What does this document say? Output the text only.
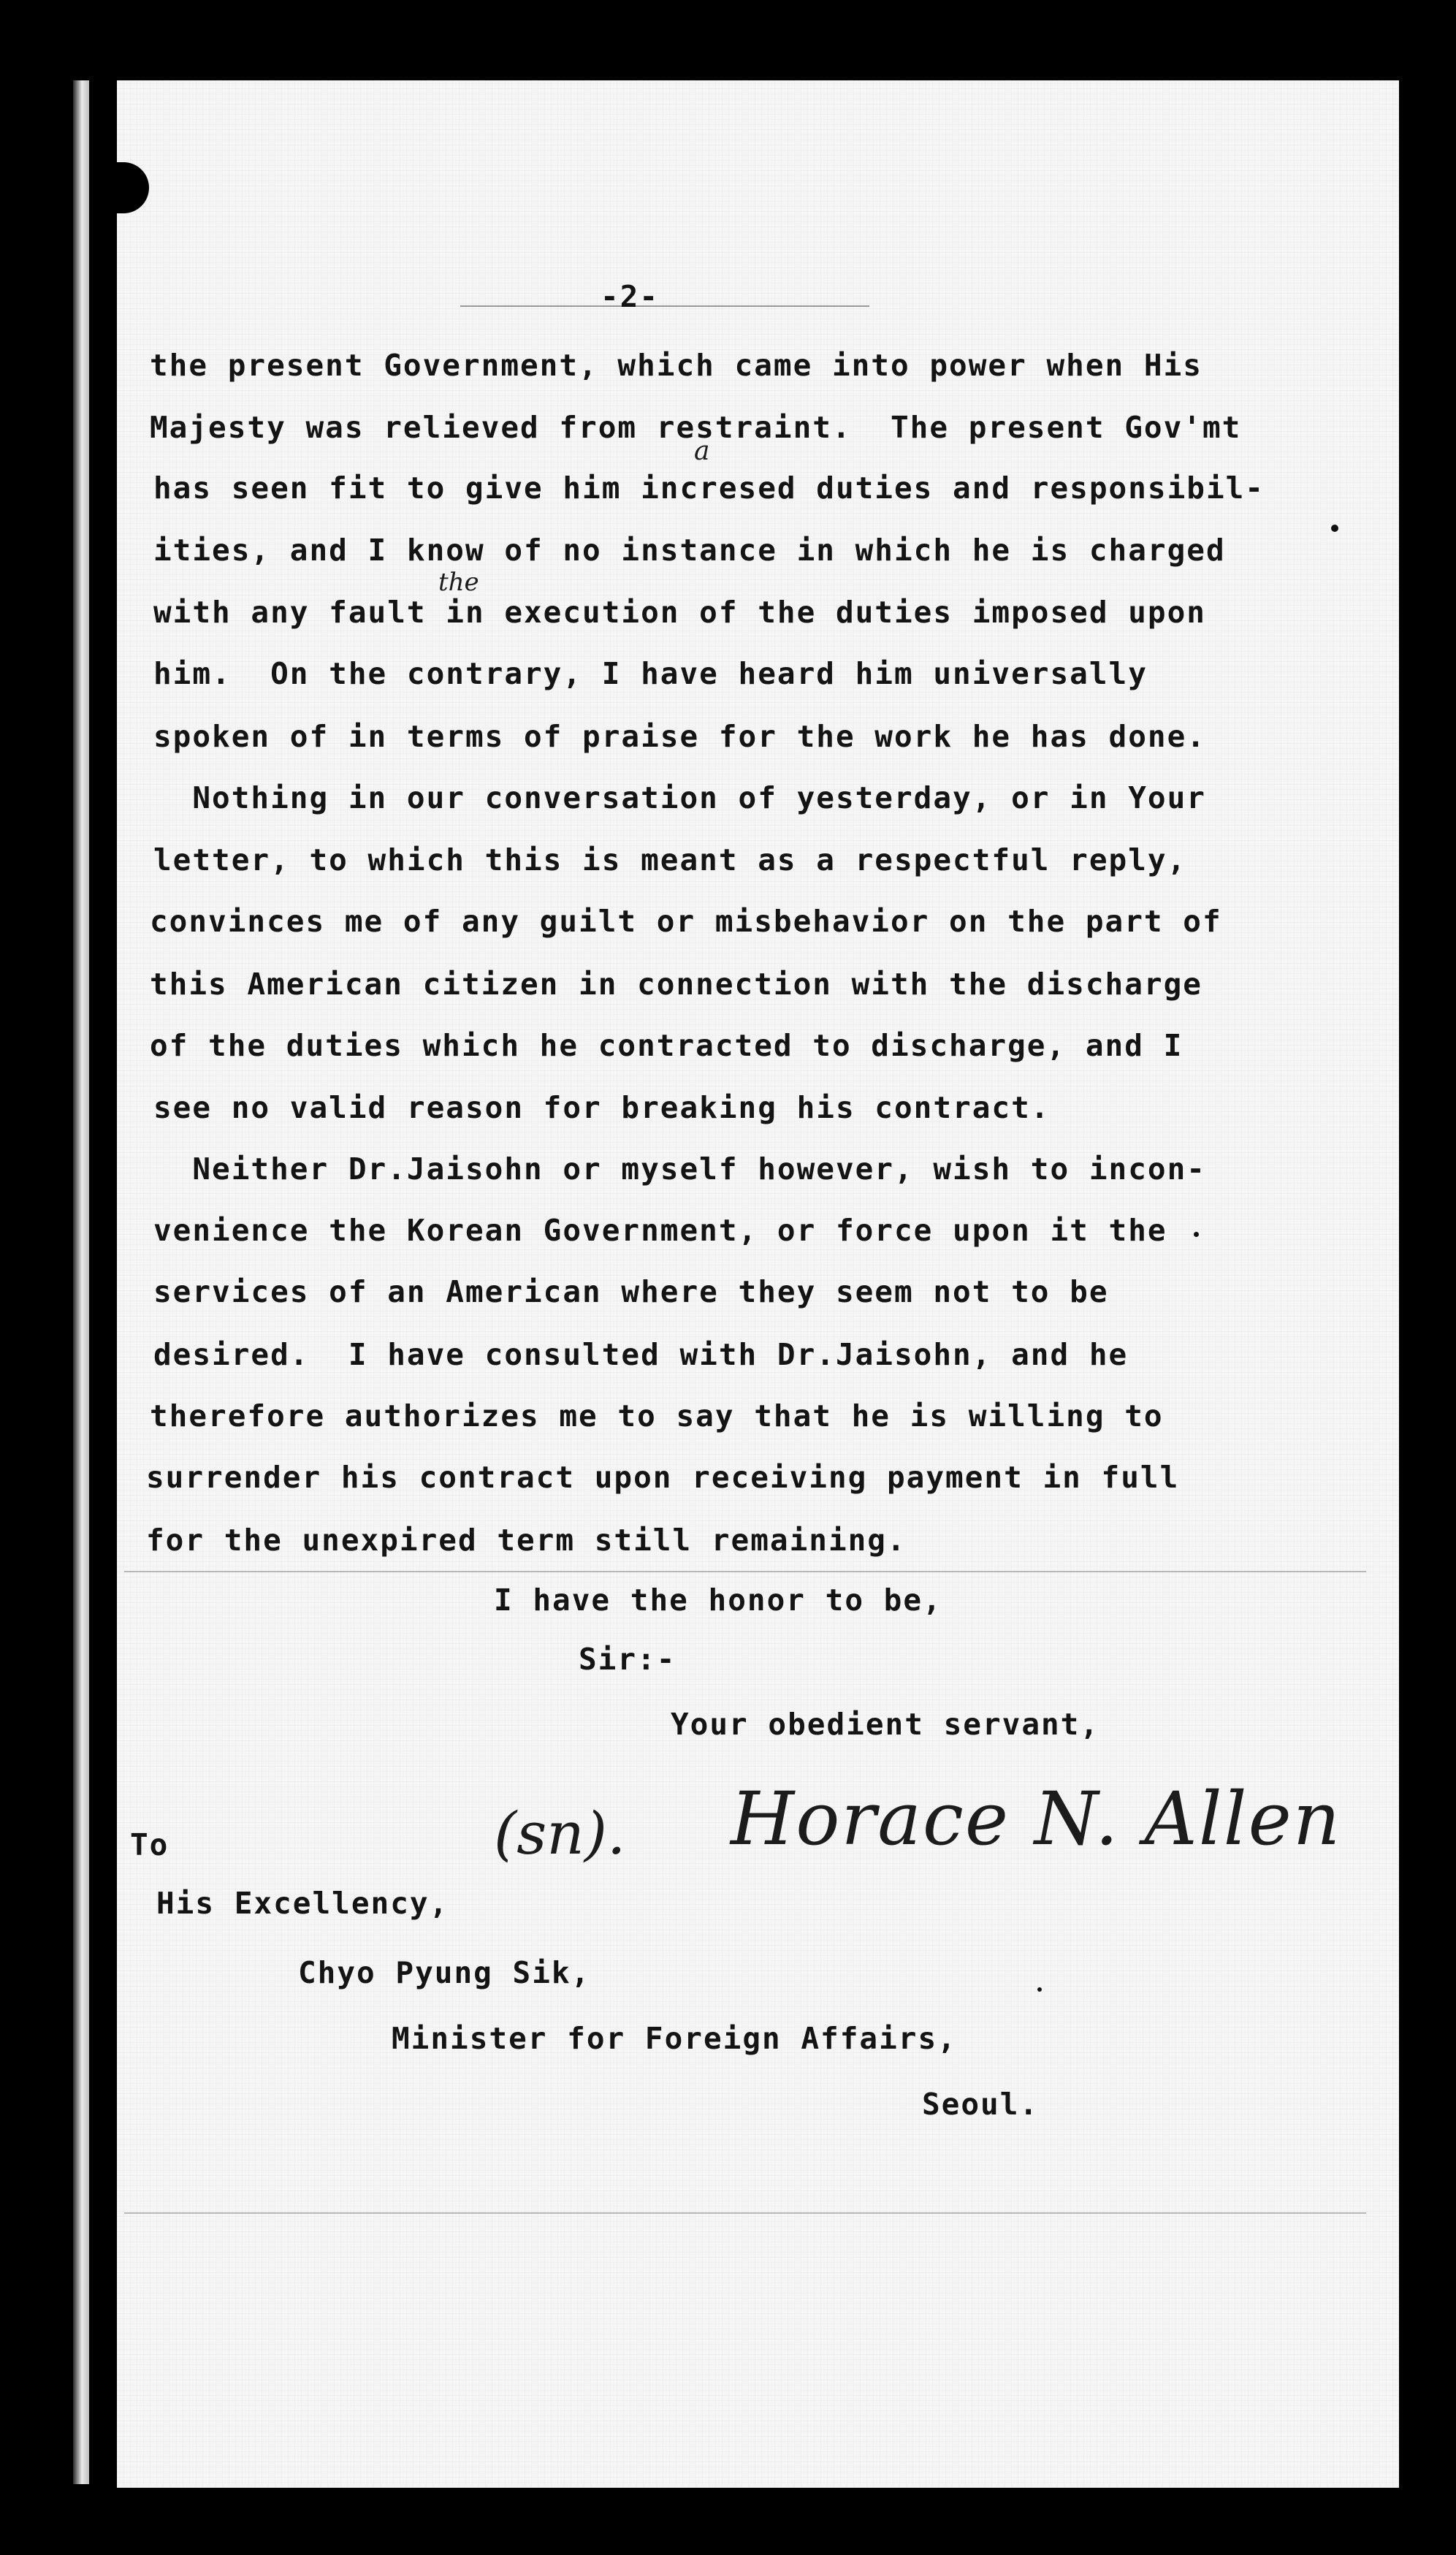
-2-
the present Government, which came into power when His
Majesty was relieved from restraint.  The present Gov'mt
has seen fit to give him incresed duties and responsibil-
ities, and I know of no instance in which he is charged
with any fault in execution of the duties imposed upon
him.  On the contrary, I have heard him universally
spoken of in terms of praise for the work he has done.
Nothing in our conversation of yesterday, or in Your
letter, to which this is meant as a respectful reply,
convinces me of any guilt or misbehavior on the part of
this American citizen in connection with the discharge
of the duties which he contracted to discharge, and I
see no valid reason for breaking his contract.
Neither Dr.Jaisohn or myself however, wish to incon-
venience the Korean Government, or force upon it the
services of an American where they seem not to be
desired.  I have consulted with Dr.Jaisohn, and he
therefore authorizes me to say that he is willing to
surrender his contract upon receiving payment in full
for the unexpired term still remaining.
I have the honor to be,
Sir:-
Your obedient servant,
a
the
(sn). Horace N. Allen
To
His Excellency,
Chyo Pyung Sik,
Minister for Foreign Affairs,
Seoul.
